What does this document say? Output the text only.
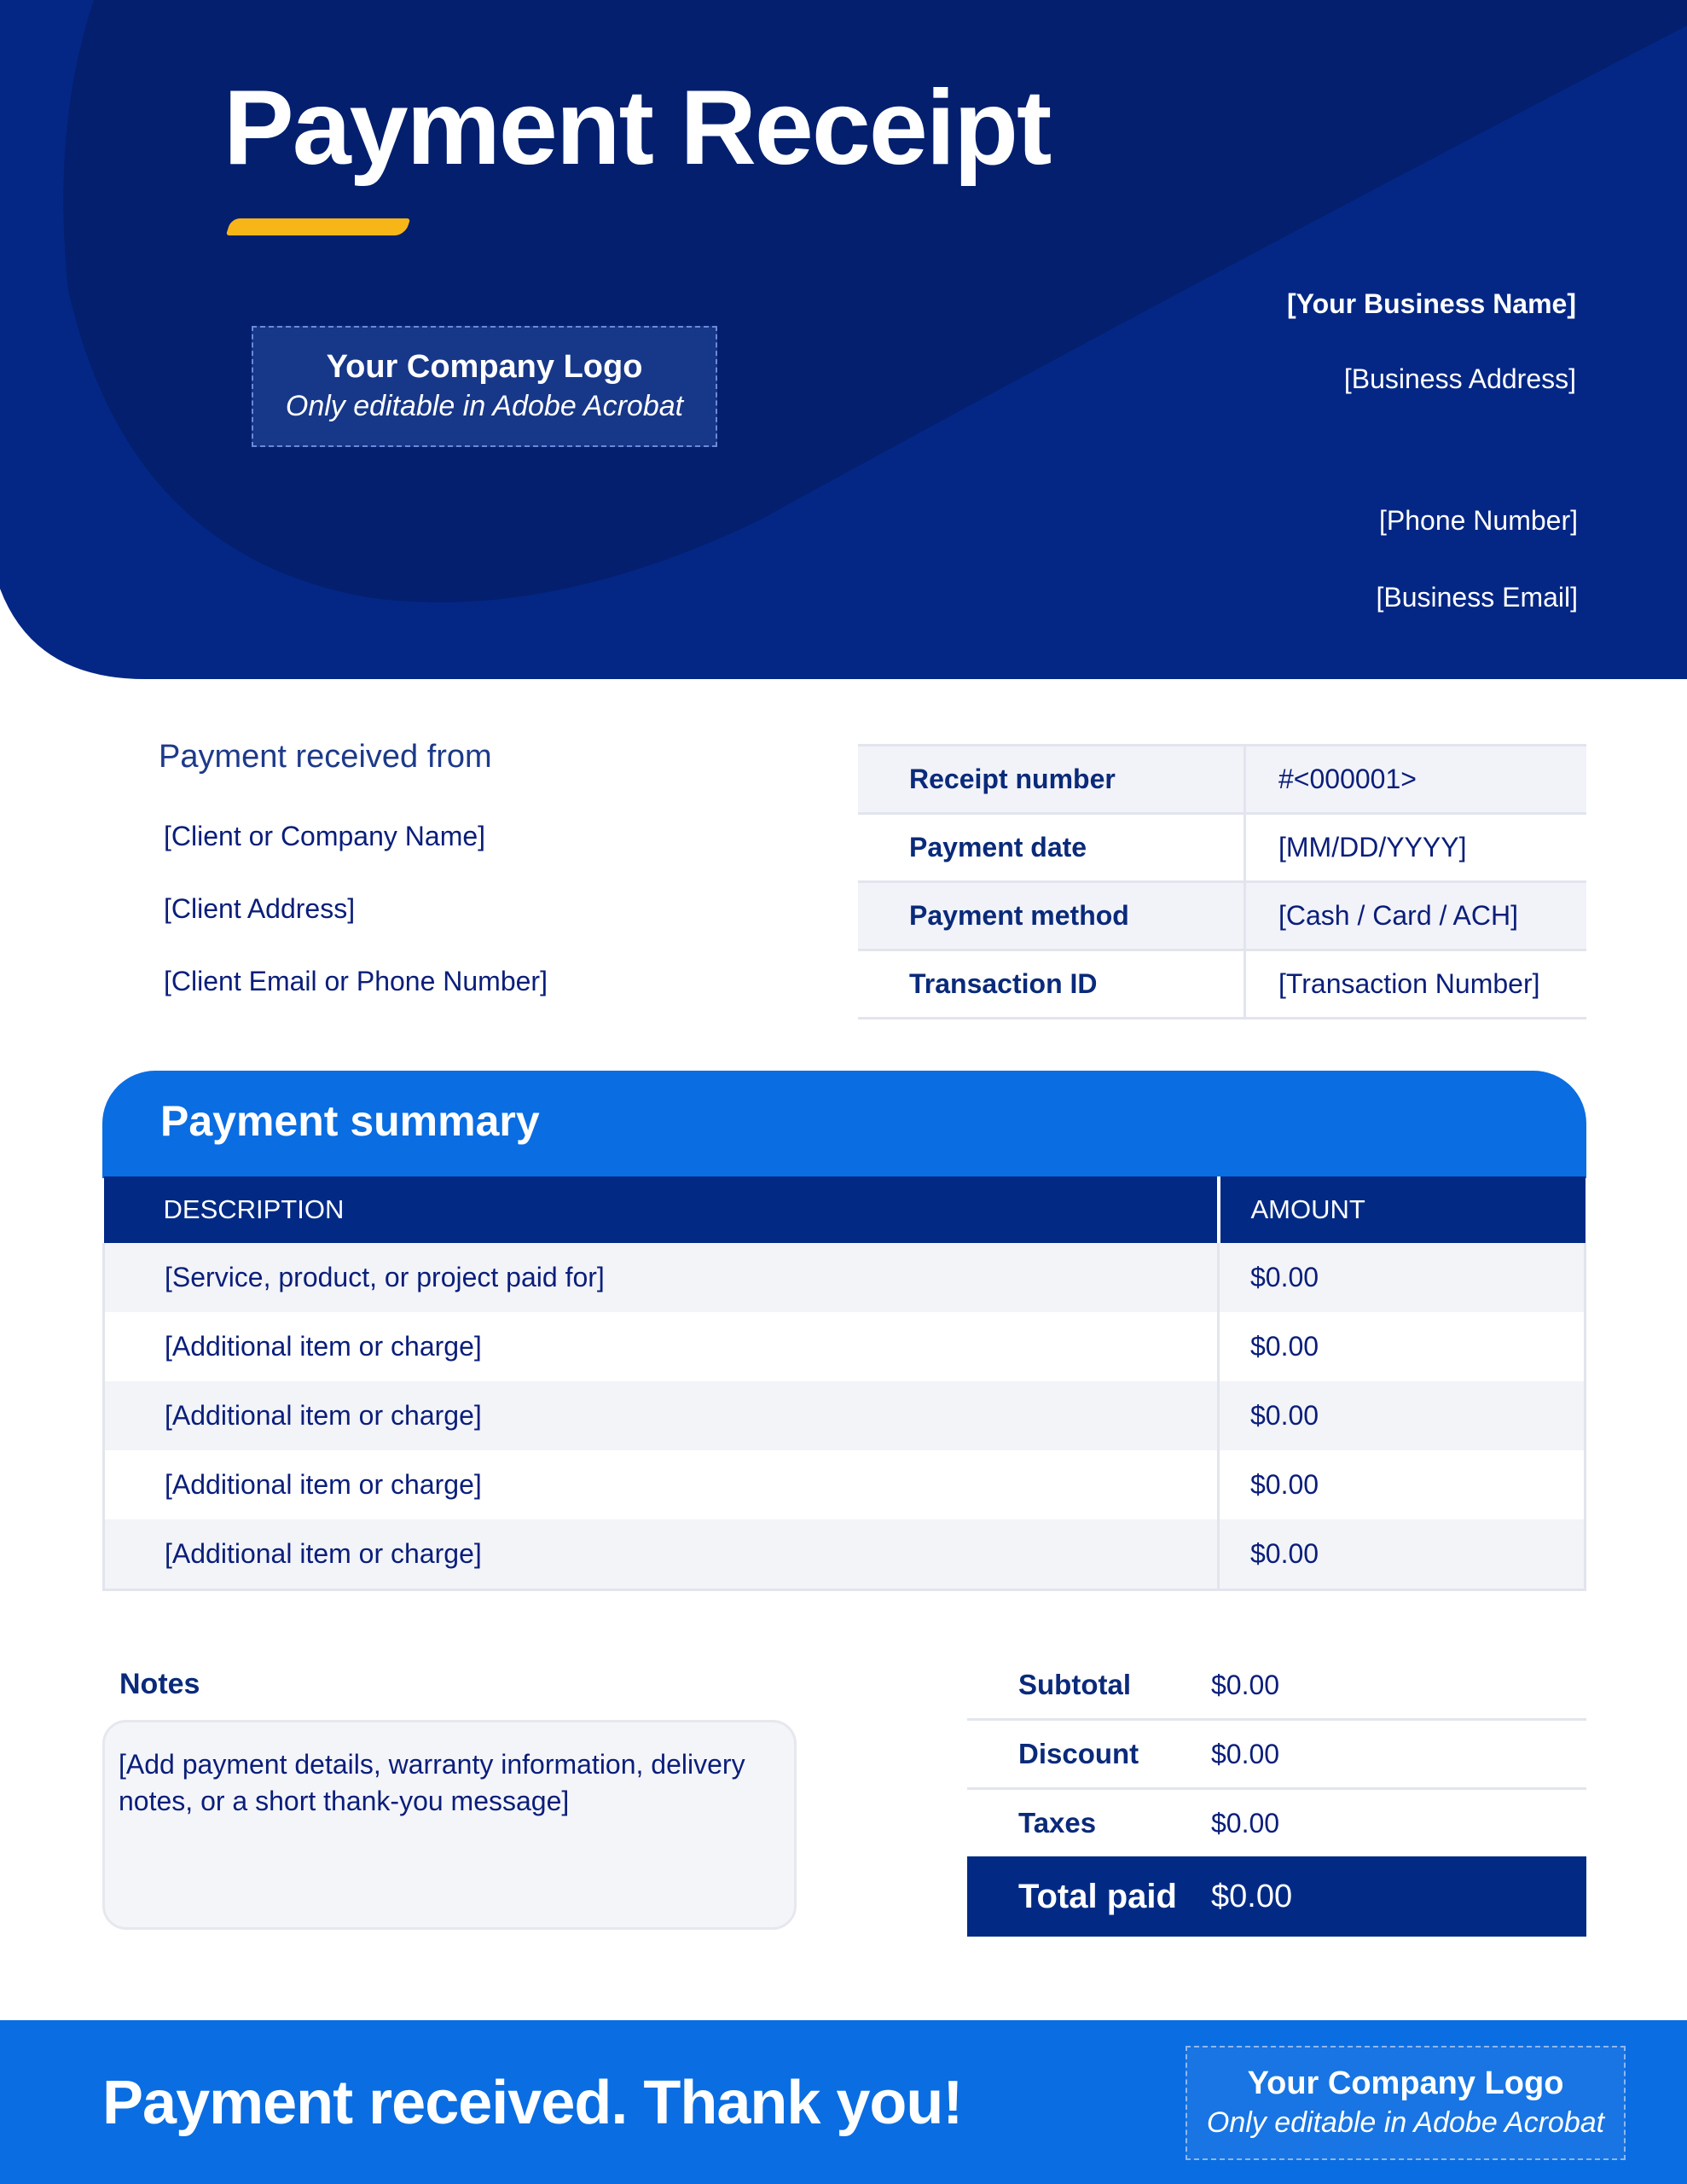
Payment Receipt
Your Company Logo
Only editable in Adobe Acrobat
[Your Business Name]
[Business Address]
[Phone Number]
[Business Email]
Payment received from
[Client or Company Name]
[Client Address]
[Client Email or Phone Number]
Receipt number	#<000001>
Payment date	[MM/DD/YYYY]
Payment method	[Cash / Card / ACH]
Transaction ID	[Transaction Number]
Payment summary
DESCRIPTION	AMOUNT
[Service, product, or project paid for]	$0.00
[Additional item or charge]	$0.00
[Additional item or charge]	$0.00
[Additional item or charge]	$0.00
[Additional item or charge]	$0.00
Notes
[Add payment details, warranty information, delivery notes, or a short thank-you message]
Subtotal	$0.00
Discount	$0.00
Taxes	$0.00
Total paid	$0.00
Payment received. Thank you!	Your Company Logo
Only editable in Adobe Acrobat
